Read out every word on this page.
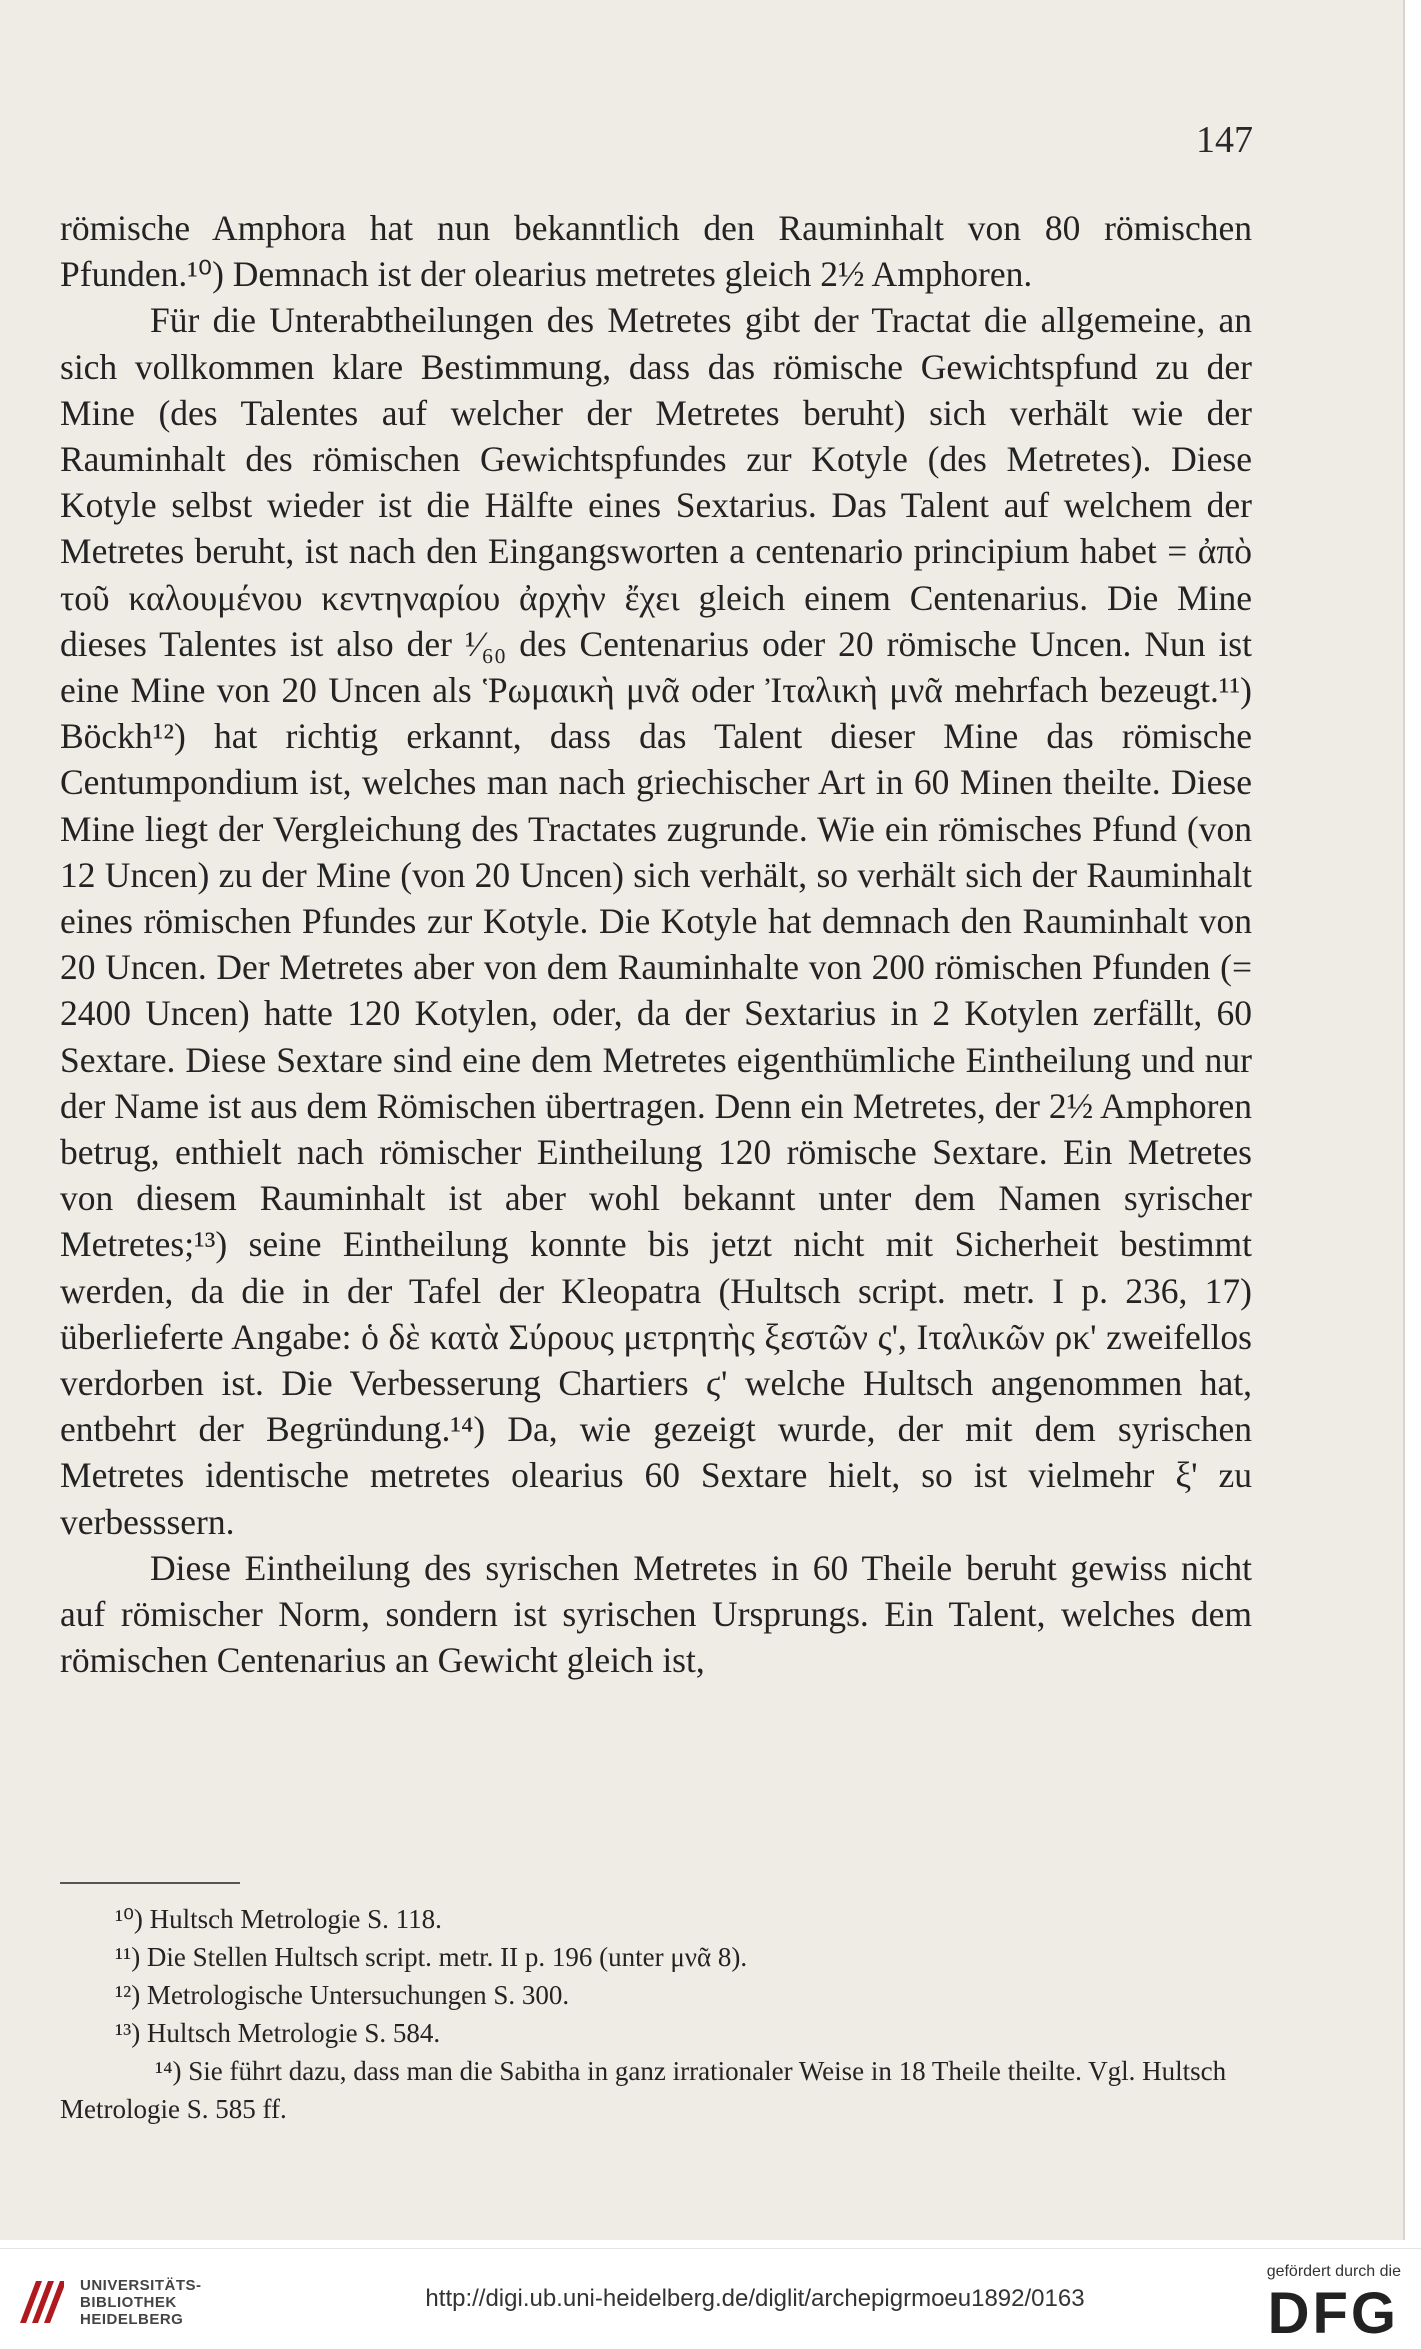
147

römische Amphora hat nun bekanntlich den Rauminhalt von 80 römischen Pfunden.¹⁰) Demnach ist der olearius metretes gleich 2½ Amphoren.

Für die Unterabtheilungen des Metretes gibt der Tractat die allgemeine, an sich vollkommen klare Bestimmung, dass das römische Gewichtspfund zu der Mine (des Talentes auf welcher der Metretes beruht) sich verhält wie der Rauminhalt des römischen Gewichtspfundes zur Kotyle (des Metretes). Diese Kotyle selbst wieder ist die Hälfte eines Sextarius. Das Talent auf welchem der Metretes beruht, ist nach den Eingangsworten a centenario principium habet = ἀπὸ τοῦ καλουμένου κεντηναρίου ἀρχὴν ἔχει gleich einem Centenarius. Die Mine dieses Talentes ist also der ¹⁄₆₀ des Centenarius oder 20 römische Uncen. Nun ist eine Mine von 20 Uncen als Ῥωμαικὴ μνᾶ oder Ἰταλικὴ μνᾶ mehrfach bezeugt.¹¹) Böckh¹²) hat richtig erkannt, dass das Talent dieser Mine das römische Centumpondium ist, welches man nach griechischer Art in 60 Minen theilte. Diese Mine liegt der Vergleichung des Tractates zugrunde. Wie ein römisches Pfund (von 12 Uncen) zu der Mine (von 20 Uncen) sich verhält, so verhält sich der Rauminhalt eines römischen Pfundes zur Kotyle. Die Kotyle hat demnach den Rauminhalt von 20 Uncen. Der Metretes aber von dem Rauminhalte von 200 römischen Pfunden (= 2400 Uncen) hatte 120 Kotylen, oder, da der Sextarius in 2 Kotylen zerfällt, 60 Sextare. Diese Sextare sind eine dem Metretes eigenthümliche Eintheilung und nur der Name ist aus dem Römischen übertragen. Denn ein Metretes, der 2½ Amphoren betrug, enthielt nach römischer Eintheilung 120 römische Sextare. Ein Metretes von diesem Rauminhalt ist aber wohl bekannt unter dem Namen syrischer Metretes;¹³) seine Eintheilung konnte bis jetzt nicht mit Sicherheit bestimmt werden, da die in der Tafel der Kleopatra (Hultsch script. metr. I p. 236, 17) überlieferte Angabe: ὁ δὲ κατὰ Σύρους μετρητὴς ξεστῶν ς', Ιταλικῶν ρκ' zweifellos verdorben ist. Die Verbesserung Chartiers ϛ' welche Hultsch angenommen hat, entbehrt der Begründung.¹⁴) Da, wie gezeigt wurde, der mit dem syrischen Metretes identische metretes olearius 60 Sextare hielt, so ist vielmehr ξ' zu verbesssern.

Diese Eintheilung des syrischen Metretes in 60 Theile beruht gewiss nicht auf römischer Norm, sondern ist syrischen Ursprungs. Ein Talent, welches dem römischen Centenarius an Gewicht gleich ist,

¹⁰) Hultsch Metrologie S. 118.

¹¹) Die Stellen Hultsch script. metr. II p. 196 (unter μνᾶ 8).

¹²) Metrologische Untersuchungen S. 300.

¹³) Hultsch Metrologie S. 584.

¹⁴) Sie führt dazu, dass man die Sabitha in ganz irrationaler Weise in 18 Theile theilte. Vgl. Hultsch Metrologie S. 585 ff.

UNIVERSITÄTS-
BIBLIOTHEK
HEIDELBERG
http://digi.ub.uni-heidelberg.de/diglit/archepigrmoeu1892/0163
gefördert durch die
DFG
